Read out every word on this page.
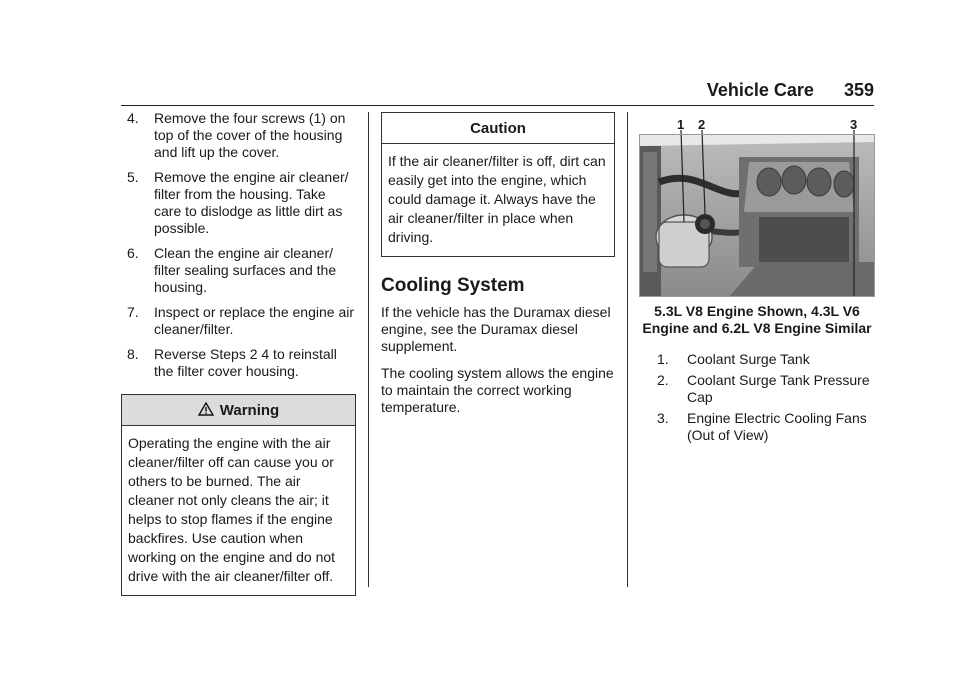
Vehicle Care 359
4.	Remove the four screws (1) on top of the cover of the housing and lift up the cover.
5.	Remove the engine air cleaner/ filter from the housing. Take care to dislodge as little dirt as possible.
6.	Clean the engine air cleaner/ filter sealing surfaces and the housing.
7.	Inspect or replace the engine air cleaner/filter.
8.	Reverse Steps 2 4 to reinstall the filter cover housing.
Warning
Operating the engine with the air cleaner/filter off can cause you or others to be burned. The air cleaner not only cleans the air; it helps to stop flames if the engine backfires. Use caution when working on the engine and do not drive with the air cleaner/filter off.
Caution
If the air cleaner/filter is off, dirt can easily get into the engine, which could damage it. Always have the air cleaner/filter in place when driving.
Cooling System

If the vehicle has the Duramax diesel engine, see the Duramax diesel supplement.

The cooling system allows the engine to maintain the correct working temperature.

1 2	3
5.3L V8 Engine Shown, 4.3L V6 Engine and 6.2L V8 Engine Similar
1.	Coolant Surge Tank
2.	Coolant Surge Tank Pressure Cap
3.	Engine Electric Cooling Fans (Out of View)
